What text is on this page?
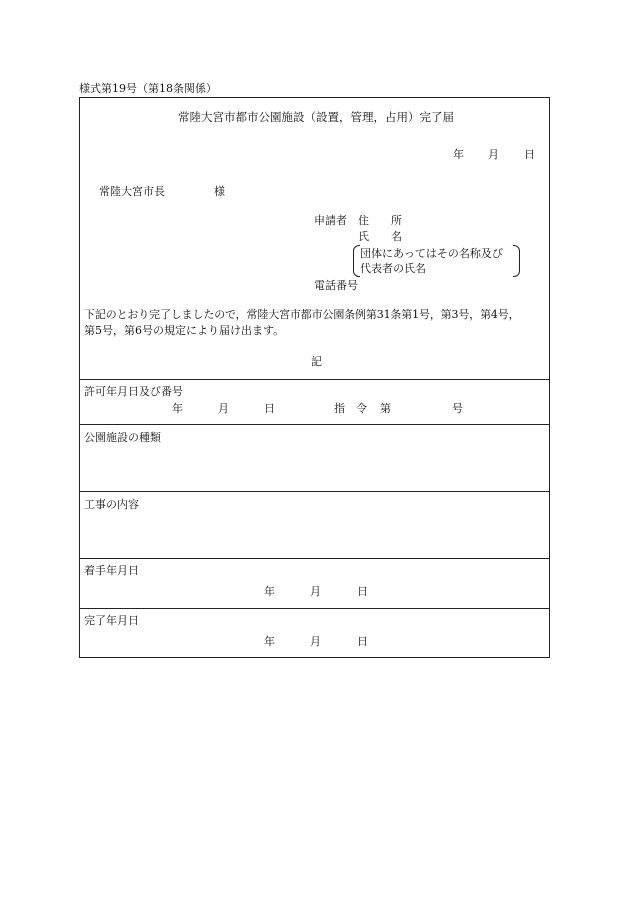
様式第19号（第18条関係）
常陸大宮市都市公園施設（設置，管理，占用）完了届
年 月 日
常陸大宮市長	様
申請者 住　　所
氏　　名
団体にあってはその名称及び
代表者の氏名
電話番号
下記のとおり完了しましたので，常陸大宮市都市公園条例第31条第1号，第3号，第4号，
第5号，第6号の規定により届け出ます。
記
許可年月日及び番号
年	月	日	指 令 第	号
公園施設の種類
工事の内容
着手年月日
年	月	日
完了年月日
年	月	日
